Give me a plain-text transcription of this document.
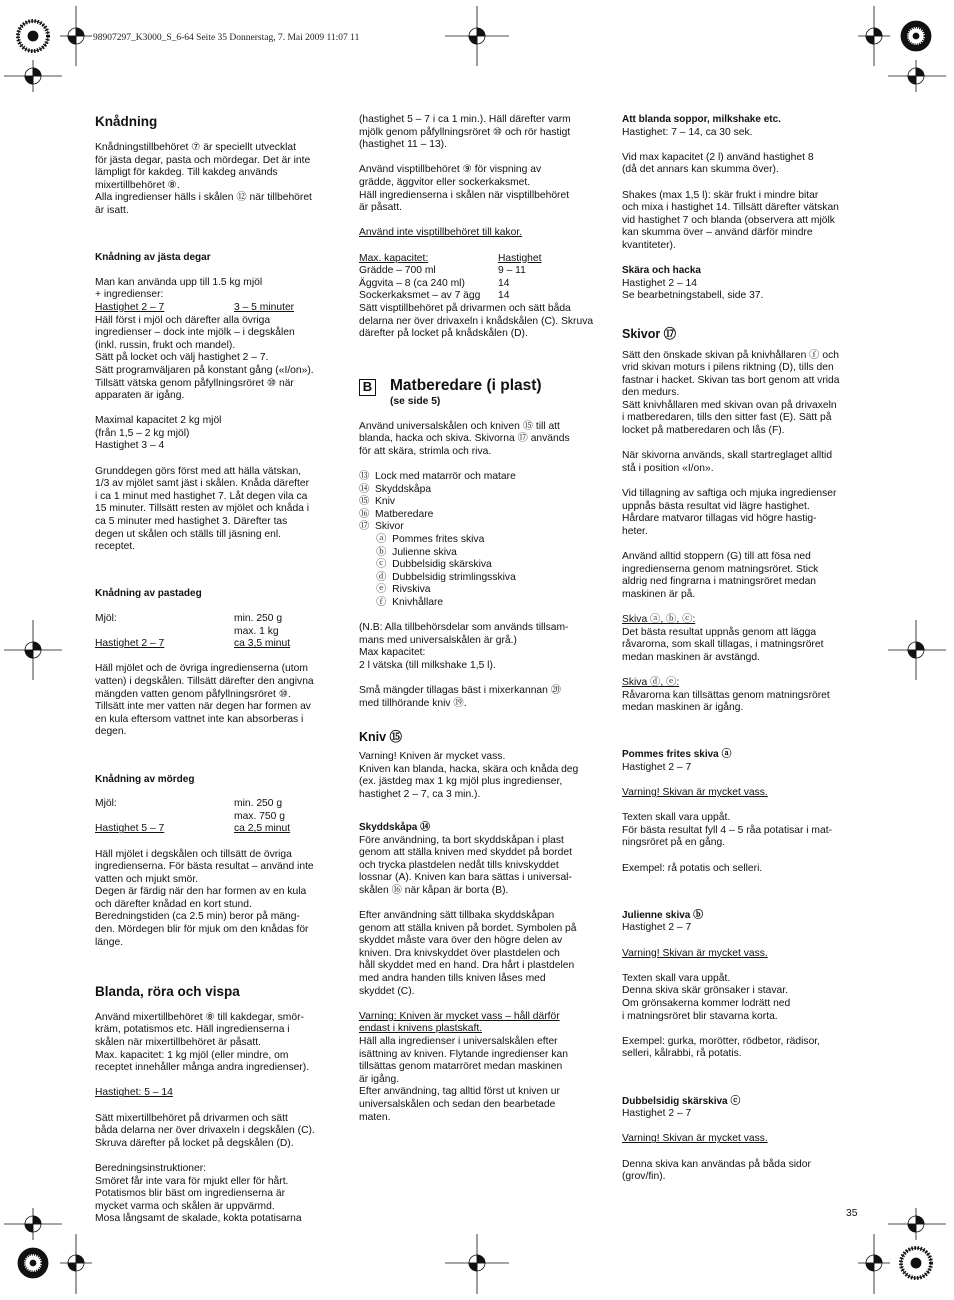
98907297_K3000_S_6-64 Seite 35 Donnerstag, 7. Mai 2009 11:07 11
Knådning

Knådningstillbehöret ⑦ är speciellt utvecklat
för jästa degar, pasta och mördegar. Det är inte
lämpligt för kakdeg. Till kakdeg används
mixertillbehöret ⑧.
Alla ingredienser hälls i skålen ⑫ när tillbehöret
är isatt.

Knådning av jästa degar

Man kan använda upp till 1.5 kg mjöl
+ ingredienser:

Hastighet 2 – 7	3 – 5 minuter

Häll först i mjöl och därefter alla övriga
ingredienser – dock inte mjölk – i degskålen
(inkl. russin, frukt och mandel).
Sätt på locket och välj hastighet 2 – 7.
Sätt programväljaren på konstant gång («I/on»).
Tillsätt vätska genom påfyllningsröret ⑩ när
apparaten är igång.

Maximal kapacitet 2 kg mjöl
(från 1,5 – 2 kg mjöl)
Hastighet 3 – 4

Grunddegen görs först med att hälla vätskan,
1/3 av mjölet samt jäst i skålen. Knåda därefter
i ca 1 minut med hastighet 7. Låt degen vila ca
15 minuter. Tillsätt resten av mjölet och knåda i
ca 5 minuter med hastighet 3. Därefter tas
degen ut skålen och ställs till jäsning enl.
receptet.

Knådning av pastadeg
Mjöl:	min. 250 g
max. 1 kg
Hastighet 2 – 7	ca 3,5 minut

Häll mjölet och de övriga ingredienserna (utom
vatten) i degskålen. Tillsätt därefter den angivna
mängden vatten genom påfyllningsröret ⑩.
Tillsätt inte mer vatten när degen har formen av
en kula eftersom vattnet inte kan absorberas i
degen.

Knådning av mördeg
Mjöl:	min. 250 g
max. 750 g
Hastighet 5 – 7	ca 2,5 minut

Häll mjölet i degskålen och tillsätt de övriga
ingredienserna. För bästa resultat – använd inte
vatten och mjukt smör.
Degen är färdig när den har formen av en kula
och därefter knådad en kort stund.
Beredningstiden (ca 2.5 min) beror på mäng-
den. Mördegen blir för mjuk om den knådas för
länge.

Blanda, röra och vispa

Använd mixertillbehöret ⑧ till kakdegar, smör-
kräm, potatismos etc. Häll ingredienserna i
skålen när mixertillbehöret är påsatt.
Max. kapacitet: 1 kg mjöl (eller mindre, om
receptet innehåller många andra ingredienser).

Hastighet: 5 – 14

Sätt mixertillbehöret på drivarmen och sätt
båda delarna ner över drivaxeln i degskålen (C).
Skruva därefter på locket på degskålen (D).

Beredningsinstruktioner:
Smöret får inte vara för mjukt eller för hårt.
Potatismos blir bäst om ingredienserna är
mycket varma och skålen är uppvärmd.
Mosa långsamt de skalade, kokta potatisarna

(hastighet 5 – 7 i ca 1 min.). Häll därefter varm
mjölk genom påfyllningsröret ⑩ och rör hastigt
(hastighet 11 – 13).

Använd visptillbehöret ⑨ för vispning av
grädde, äggvitor eller sockerkaksmet.
Häll ingredienserna i skålen när visptillbehöret
är påsatt.

Använd inte visptillbehöret till kakor.

Max. kapacitet:	Hastighet
Grädde – 700 ml	9 – 11
Äggvita – 8 (ca 240 ml)	14
Sockerkaksmet – av 7 ägg	14

Sätt visptillbehöret på drivarmen och sätt båda
delarna ner över drivaxeln i knådskålen (C). Skruva
därefter på locket på knådskålen (D).

B Matberedare (i plast)
(se side 5)

Använd universalskålen och kniven ⑮ till att
blanda, hacka och skiva. Skivorna ⑰ används
för att skära, strimla och riva.

⑬  Lock med matarrör och matare
⑭  Skyddskåpa
⑮  Kniv
⑯  Matberedare
⑰  Skivor
ⓐ  Pommes frites skiva
ⓑ  Julienne skiva
ⓒ  Dubbelsidig skärskiva
ⓓ  Dubbelsidig strimlingsskiva
ⓔ  Rivskiva
ⓕ  Knivhållare

(N.B: Alla tillbehörsdelar som används tillsam-
mans med universalskålen är grå.)
Max kapacitet:
2 l vätska (till milkshake 1,5 l).

Små mängder tillagas bäst i mixerkannan ⑳
med tillhörande kniv ⑲.

Kniv ⑮

Varning! Kniven är mycket vass.
Kniven kan blanda, hacka, skära och knåda deg
(ex. jästdeg max 1 kg mjöl plus ingredienser,
hastighet 2 – 7, ca 3 min.).

Skyddskåpa ⑭

Före användning, ta bort skyddskåpan i plast
genom att ställa kniven med skyddet på bordet
och trycka plastdelen nedåt tills knivskyddet
lossnar (A). Kniven kan bara sättas i universal-
skålen ⑯ när kåpan är borta (B).

Efter användning sätt tillbaka skyddskåpan
genom att ställa kniven på bordet. Symbolen på
skyddet måste vara över den högre delen av
kniven. Dra knivskyddet över plastdelen och
håll skyddet med en hand. Dra hårt i plastdelen
med andra handen tills kniven låses med
skyddet (C).

Varning: Kniven är mycket vass – håll därför
endast i knivens plastskaft.

Häll alla ingredienser i universalskålen efter
isättning av kniven. Flytande ingredienser kan
tillsättas genom matarröret medan maskinen
är igång.
Efter användning, tag alltid först ut kniven ur
universalskålen och sedan den bearbetade
maten.

Att blanda soppor, milkshake etc.

Hastighet: 7 – 14, ca 30 sek.

Vid max kapacitet (2 l) använd hastighet 8
(då det annars kan skumma över).

Shakes (max 1,5 l): skär frukt i mindre bitar
och mixa i hastighet 14. Tillsätt därefter vätskan
vid hastighet 7 och blanda (observera att mjölk
kan skumma över – använd därför mindre
kvantiteter).

Skära och hacka

Hastighet 2 – 14
Se bearbetningstabell, side 37.

Skivor ⑰

Sätt den önskade skivan på knivhållaren ⓕ och
vrid skivan moturs i pilens riktning (D), tills den
fastnar i hacket. Skivan tas bort genom att vrida
den medurs.
Sätt knivhållaren med skivan ovan på drivaxeln
i matberedaren, tills den sitter fast (E). Sätt på
locket på matberedaren och lås (F).

När skivorna används, skall startreglaget alltid
stå i position «I/on».

Vid tillagning av saftiga och mjuka ingredienser
uppnås bästa resultat vid lägre hastighet.
Hårdare matvaror tillagas vid högre hastig-
heter.

Använd alltid stoppern (G) till att fösa ned
ingredienserna genom matningsröret. Stick
aldrig ned fingrarna i matningsröret medan
maskinen är på.

Skiva ⓐ, ⓑ, ⓒ:

Det bästa resultat uppnås genom att lägga
råvarorna, som skall tillagas, i matningsröret
medan maskinen är avstängd.

Skiva ⓓ, ⓔ:

Råvarorna kan tillsättas genom matningsröret
medan maskinen är igång.

Pommes frites skiva ⓐ

Hastighet 2 – 7

Varning! Skivan är mycket vass.

Texten skall vara uppåt.
För bästa resultat fyll 4 – 5 råa potatisar i mat-
ningsröret på en gång.

Exempel: rå potatis och selleri.

Julienne skiva ⓑ

Hastighet 2 – 7

Varning! Skivan är mycket vass.

Texten skall vara uppåt.
Denna skiva skär grönsaker i stavar.
Om grönsakerna kommer lodrätt ned
i matningsröret blir stavarna korta.

Exempel: gurka, morötter, rödbetor, rädisor,
selleri, kålrabbi, rå potatis.

Dubbelsidig skärskiva ⓒ

Hastighet 2 – 7

Varning! Skivan är mycket vass.

Denna skiva kan användas på båda sidor
(grov/fin).

35
